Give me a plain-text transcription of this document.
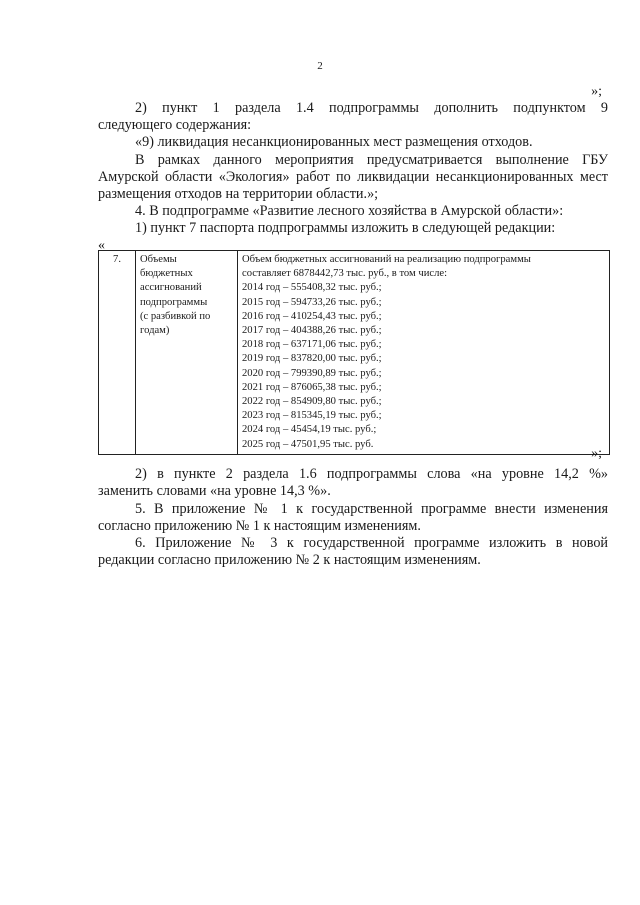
2
»;
2) пункт 1 раздела 1.4 подпрограммы дополнить подпунктом 9
следующего содержания:
«9) ликвидация несанкционированных мест размещения отходов.
В рамках данного мероприятия предусматривается выполнение ГБУ
Амурской области «Экология» работ по ликвидации несанкционированных мест
размещения отходов на территории области.»;
4. В подпрограмме «Развитие лесного хозяйства в Амурской области»:
1) пункт 7 паспорта подпрограммы изложить в следующей редакции:
«
7.	Объемы
бюджетных
ассигнований
подпрограммы
(с разбивкой по
годам)

Объем бюджетных ассигнований на реализацию подпрограммы
составляет 6878442,73 тыс. руб., в том числе:
2014 год – 555408,32 тыс. руб.;
2015 год – 594733,26 тыс. руб.;
2016 год – 410254,43 тыс. руб.;
2017 год – 404388,26 тыс. руб.;
2018 год – 637171,06 тыс. руб.;
2019 год – 837820,00 тыс. руб.;
2020 год – 799390,89 тыс. руб.;
2021 год – 876065,38 тыс. руб.;
2022 год – 854909,80 тыс. руб.;
2023 год – 815345,19 тыс. руб.;
2024 год – 45454,19 тыс. руб.;
2025 год – 47501,95 тыс. руб.
»;
2) в пункте 2 раздела 1.6 подпрограммы слова «на уровне 14,2 %»
заменить словами «на уровне 14,3 %».
5. В приложение № 1 к государственной программе внести изменения
согласно приложению № 1 к настоящим изменениям.
6. Приложение № 3 к государственной программе изложить в новой
редакции согласно приложению № 2 к настоящим изменениям.
